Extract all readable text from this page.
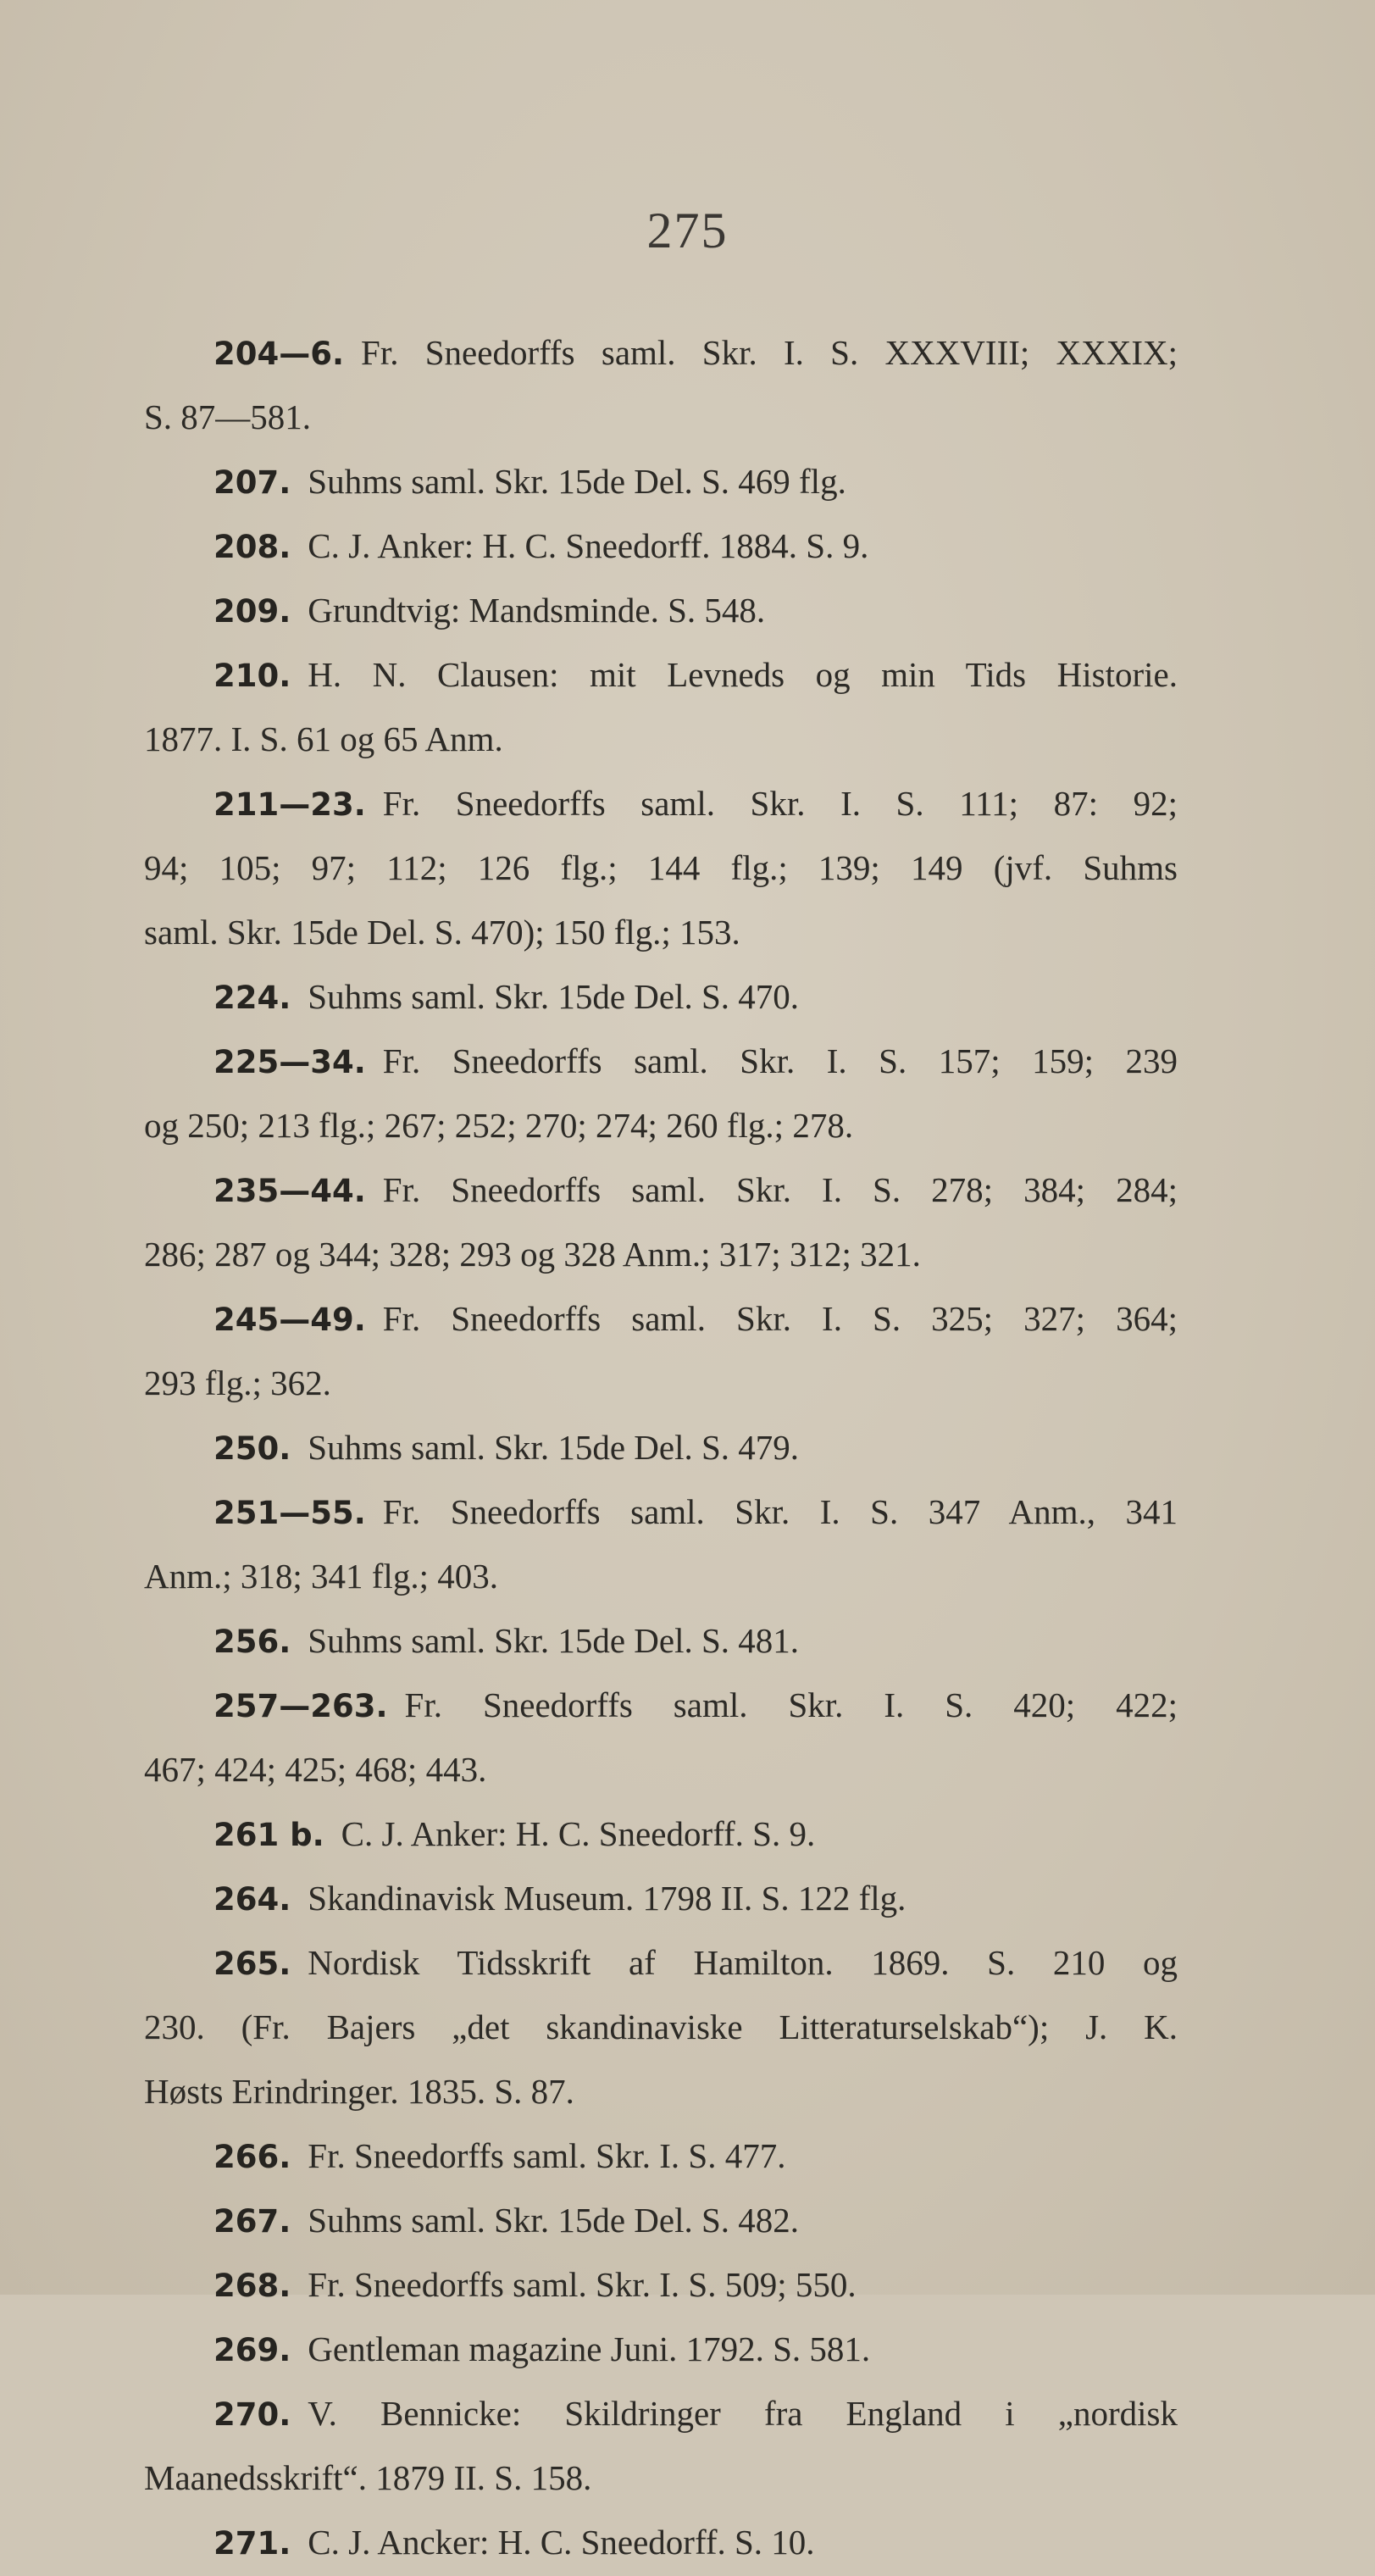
275
204—6. Fr. Sneedorffs saml. Skr. I. S. XXXVIII; XXXIX;
S. 87—581.
207. Suhms saml. Skr. 15de Del. S. 469 flg.
208. C. J. Anker: H. C. Sneedorff. 1884. S. 9.
209. Grundtvig: Mandsminde. S. 548.
210. H. N. Clausen: mit Levneds og min Tids Historie.
1877. I. S. 61 og 65 Anm.
211—23. Fr. Sneedorffs saml. Skr. I. S. 111; 87: 92;
94; 105; 97; 112; 126 flg.; 144 flg.; 139; 149 (jvf. Suhms
saml. Skr. 15de Del. S. 470); 150 flg.; 153.
224. Suhms saml. Skr. 15de Del. S. 470.
225—34. Fr. Sneedorffs saml. Skr. I. S. 157; 159; 239
og 250; 213 flg.; 267; 252; 270; 274; 260 flg.; 278.
235—44. Fr. Sneedorffs saml. Skr. I. S. 278; 384; 284;
286; 287 og 344; 328; 293 og 328 Anm.; 317; 312; 321.
245—49. Fr. Sneedorffs saml. Skr. I. S. 325; 327; 364;
293 flg.; 362.
250. Suhms saml. Skr. 15de Del. S. 479.
251—55. Fr. Sneedorffs saml. Skr. I. S. 347 Anm., 341
Anm.; 318; 341 flg.; 403.
256. Suhms saml. Skr. 15de Del. S. 481.
257—263. Fr. Sneedorffs saml. Skr. I. S. 420; 422;
467; 424; 425; 468; 443.
261 b. C. J. Anker: H. C. Sneedorff. S. 9.
264. Skandinavisk Museum. 1798 II. S. 122 flg.
265. Nordisk Tidsskrift af Hamilton. 1869. S. 210 og
230. (Fr. Bajers „det skandinaviske Litteraturselskab“); J. K.
Høsts Erindringer. 1835. S. 87.
266. Fr. Sneedorffs saml. Skr. I. S. 477.
267. Suhms saml. Skr. 15de Del. S. 482.
268. Fr. Sneedorffs saml. Skr. I. S. 509; 550.
269. Gentleman magazine Juni. 1792. S. 581.
270. V. Bennicke: Skildringer fra England i „nordisk
Maanedsskrift“. 1879 II. S. 158.
271. C. J. Ancker: H. C. Sneedorff. S. 10.
